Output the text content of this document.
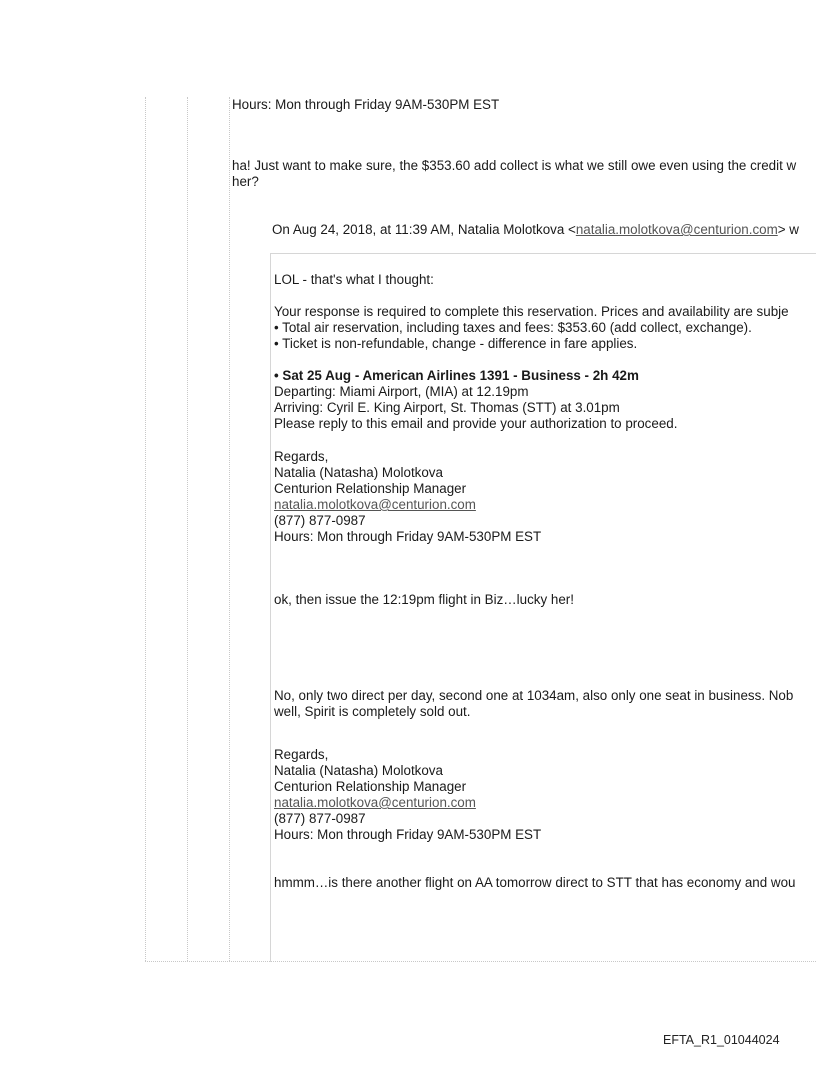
Hours: Mon through Friday 9AM-530PM EST
ha! Just want to make sure, the $353.60 add collect is what we still owe even using the credit w
her?
On Aug 24, 2018, at 11:39 AM, Natalia Molotkova <natalia.molotkova@centurion.com> w
LOL - that's what I thought:
Your response is required to complete this reservation. Prices and availability are subje
• Total air reservation, including taxes and fees: $353.60 (add collect, exchange).
• Ticket is non-refundable, change - difference in fare applies.
• Sat 25 Aug - American Airlines 1391 - Business - 2h 42m
Departing: Miami Airport, (MIA) at 12.19pm
Arriving: Cyril E. King Airport, St. Thomas (STT) at 3.01pm
Please reply to this email and provide your authorization to proceed.
Regards,
Natalia (Natasha) Molotkova
Centurion Relationship Manager
natalia.molotkova@centurion.com
(877) 877-0987
Hours: Mon through Friday 9AM-530PM EST
ok, then issue the 12:19pm flight in Biz…lucky her!
No, only two direct per day, second one at 1034am, also only one seat in business. Nob
well, Spirit is completely sold out.
Regards,
Natalia (Natasha) Molotkova
Centurion Relationship Manager
natalia.molotkova@centurion.com
(877) 877-0987
Hours: Mon through Friday 9AM-530PM EST
hmmm…is there another flight on AA tomorrow direct to STT that has economy and wou
EFTA_R1_01044024
